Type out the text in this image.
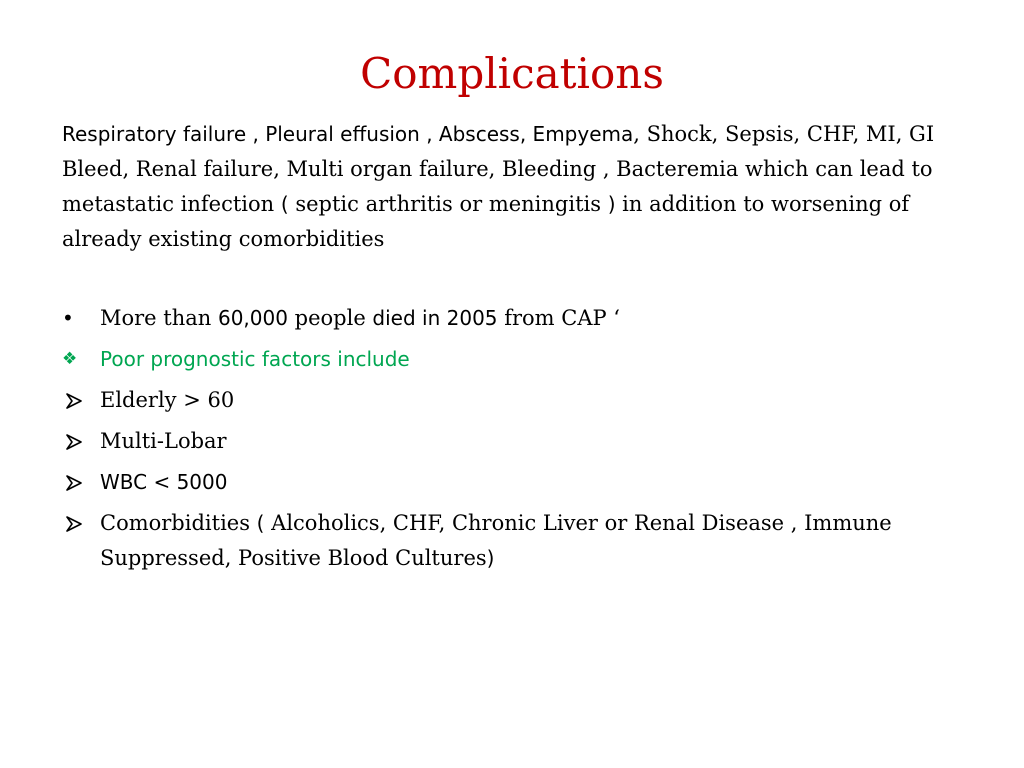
Complications

Respiratory failure , Pleural effusion , Abscess, Empyema, Shock, Sepsis, CHF, MI, GI Bleed, Renal failure, Multi organ failure, Bleeding , Bacteremia which can lead to metastatic infection ( septic arthritis or meningitis ) in addition to worsening of already existing comorbidities

•	More than 60,000 people died in 2005 from CAP ‘
❖	Poor prognostic factors include
Elderly > 60
Multi-Lobar
WBC < 5000
Comorbidities ( Alcoholics, CHF, Chronic Liver or Renal Disease , Immune Suppressed, Positive Blood Cultures)
